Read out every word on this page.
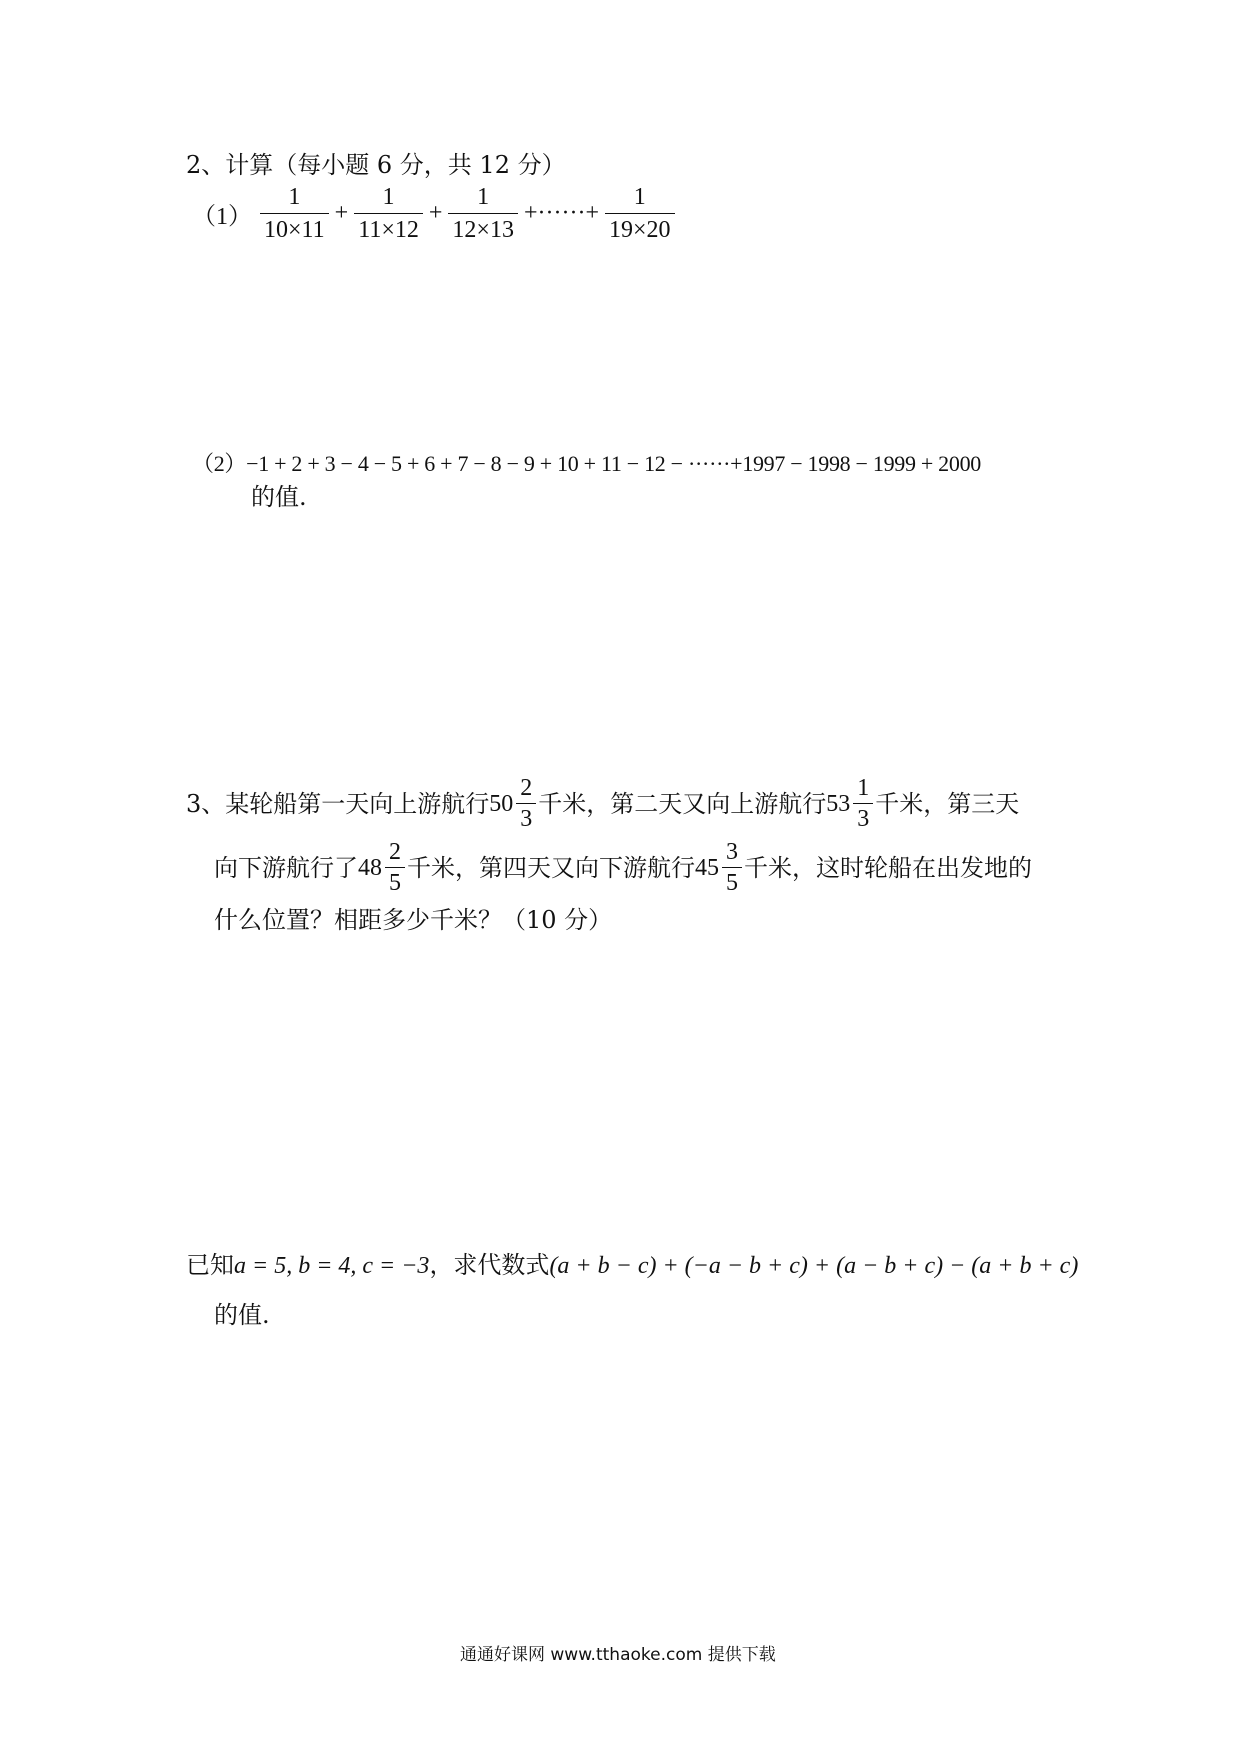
2、计算（每小题 6 分，共 12 分）
$(1) \frac{1}{10\times 11} + \frac{1}{11\times 12} + \frac{1}{12\times 13}$ +······+ $\frac{1}{19\times 20}$
（2）−1 + 2 + 3 − 4 − 5 + 6 + 7 − 8 − 9 + 10 + 11 − 12 − ······+1997 − 1998 − 1999 + 2000
的值.
3、某轮船第一天向上游航行 $50 \frac{2}{3}$ 千米，第二天又向上游航行 $53 \frac{1}{3}$ 千米，第三天
向下游航行了 $48 \frac{2}{5}$ 千米，第四天又向下游航行 $45 \frac{3}{5}$ 千米，这时轮船在出发地的
什么位置？相距多少千米？（10 分）
已知a = 5, b = 4, c = −3，求代数式(a + b − c) + (−a − b + c) + (a − b + c) − (a + b + c)
的值.
通通好课网 www.tthaoke.com 提供下载
